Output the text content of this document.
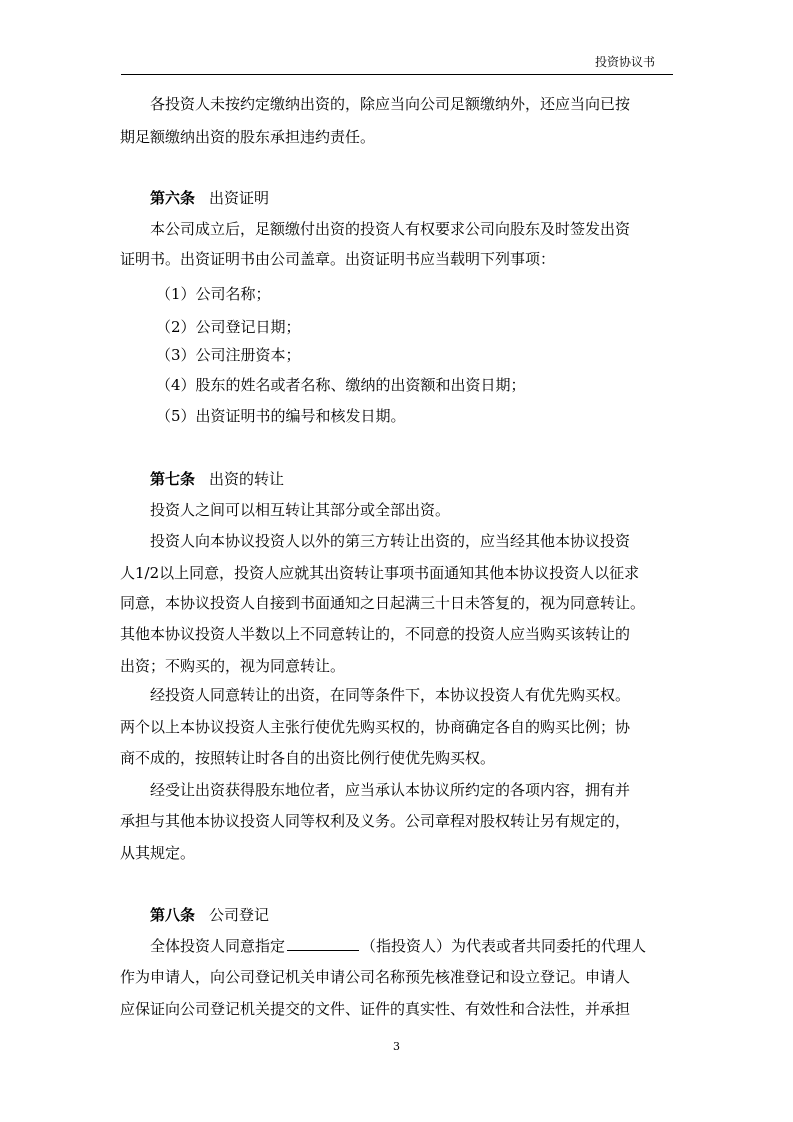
投资协议书
各投资人未按约定缴纳出资的，除应当向公司足额缴纳外，还应当向已按
期足额缴纳出资的股东承担违约责任。
第六条 出资证明
本公司成立后，足额缴付出资的投资人有权要求公司向股东及时签发出资
证明书。出资证明书由公司盖章。出资证明书应当载明下列事项：
（1）公司名称；
（2）公司登记日期；
（3）公司注册资本；
（4）股东的姓名或者名称、缴纳的出资额和出资日期；
（5）出资证明书的编号和核发日期。
第七条 出资的转让
投资人之间可以相互转让其部分或全部出资。
投资人向本协议投资人以外的第三方转让出资的，应当经其他本协议投资
人1/2以上同意，投资人应就其出资转让事项书面通知其他本协议投资人以征求
同意，本协议投资人自接到书面通知之日起满三十日未答复的，视为同意转让。
其他本协议投资人半数以上不同意转让的，不同意的投资人应当购买该转让的
出资；不购买的，视为同意转让。
经投资人同意转让的出资，在同等条件下，本协议投资人有优先购买权。
两个以上本协议投资人主张行使优先购买权的，协商确定各自的购买比例；协
商不成的，按照转让时各自的出资比例行使优先购买权。
经受让出资获得股东地位者，应当承认本协议所约定的各项内容，拥有并
承担与其他本协议投资人同等权利及义务。公司章程对股权转让另有规定的，
从其规定。
第八条 公司登记
全体投资人同意指定	（指投资人）为代表或者共同委托的代理人
作为申请人，向公司登记机关申请公司名称预先核准登记和设立登记。申请人
应保证向公司登记机关提交的文件、证件的真实性、有效性和合法性，并承担
3
